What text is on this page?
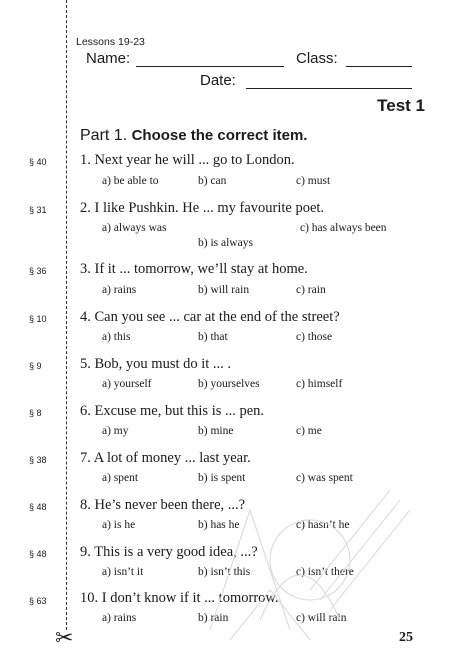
✂
Lessons 19-23
Name:	Class:
Date:
Test 1
Part 1. Choose the correct item.
§ 40	1. Next year he will ... go to London.
a) be able to	b) can	c) must
§ 31	2. I like Pushkin. He ... my favourite poet.
a) always was	c) has always been
b) is always
§ 36	3. If it ... tomorrow, we’ll stay at home.
a) rains	b) will rain	c) rain
§ 10	4. Can you see ... car at the end of the street?
a) this	b) that	c) those
§ 9	5. Bob, you must do it ... .
a) yourself	b) yourselves	c) himself
§ 8	6. Excuse me, but this is ... pen.
a) my	b) mine	c) me
§ 38	7. A lot of money ... last year.
a) spent	b) is spent	c) was spent
§ 48	8. He’s never been there, ...?
a) is he	b) has he	c) hasn’t he
§ 48	9. This is a very good idea, ...?
a) isn’t it	b) isn’t this	c) isn’t there
§ 63	10. I don’t know if it ... tomorrow.
a) rains	b) rain	c) will rain
25
